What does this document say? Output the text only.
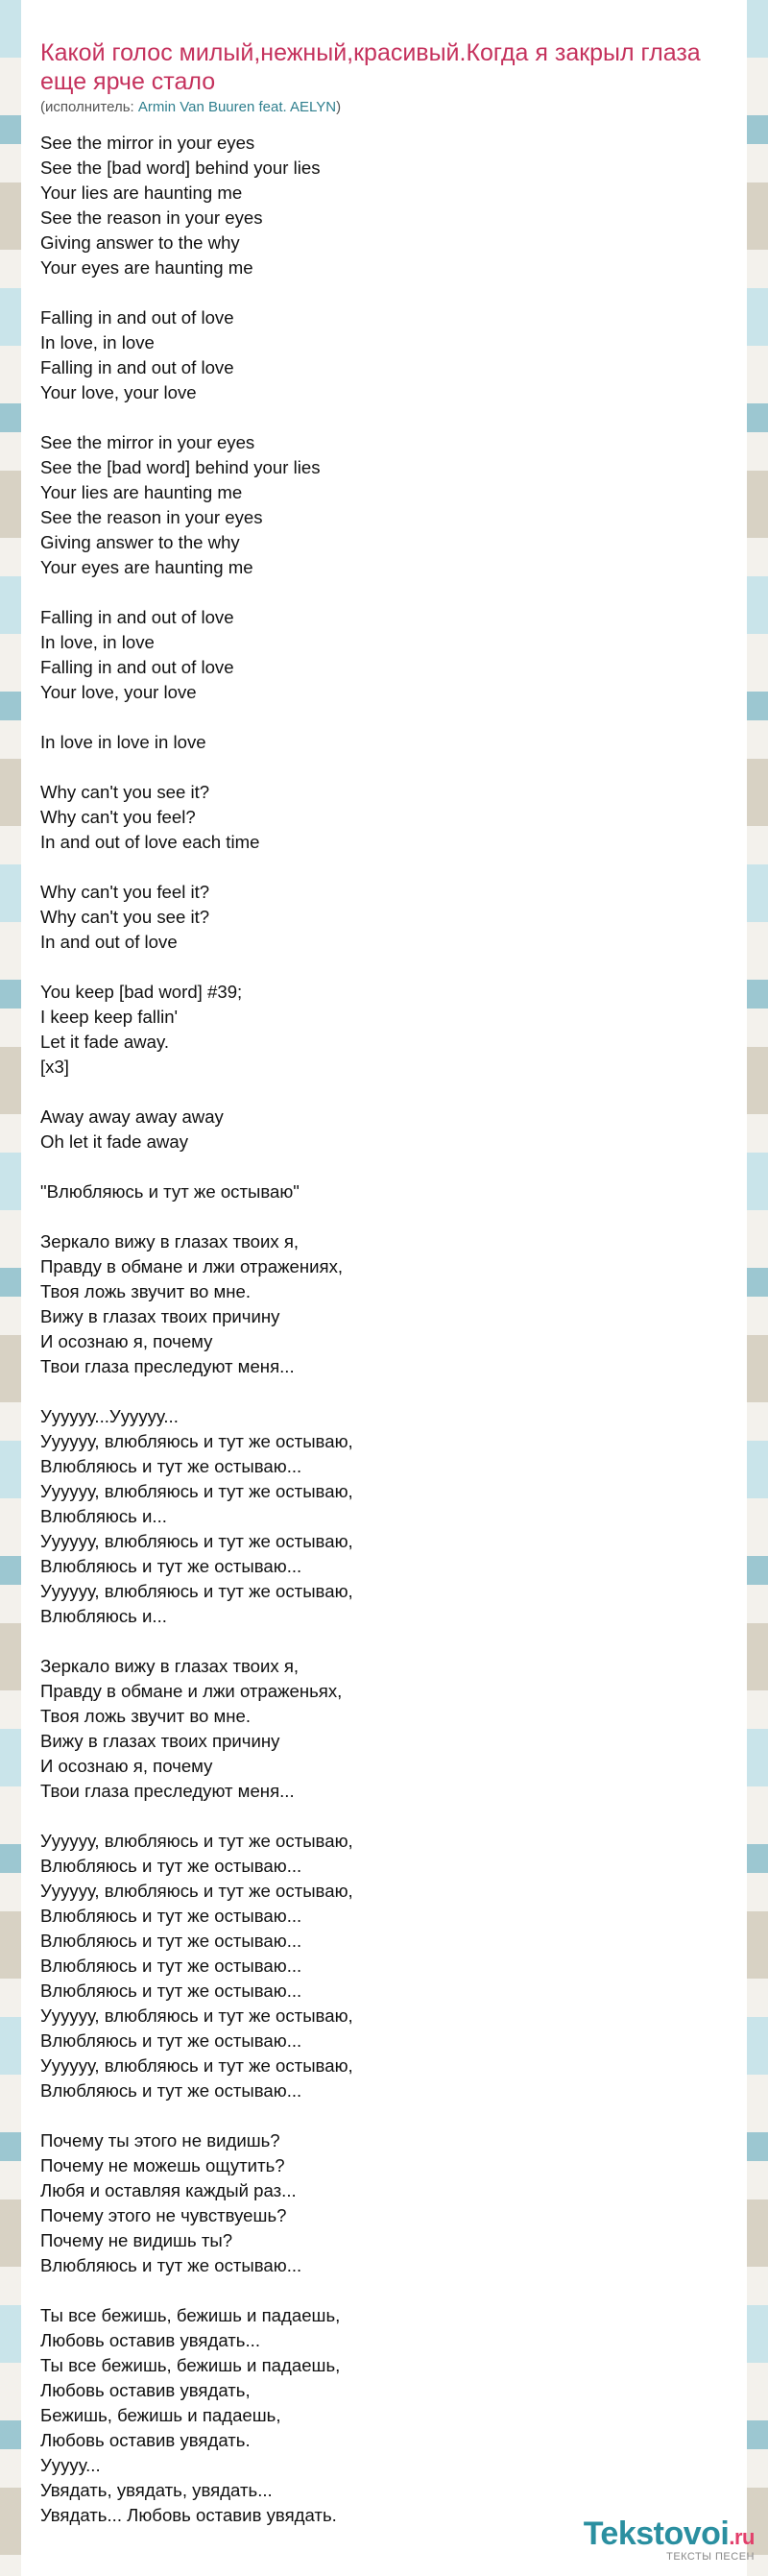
Какой голос милый,нежный,красивый.Когда я закрыл глаза еще ярче стало
(исполнитель: Armin Van Buuren feat. AELYN)
See the mirror in your eyes
See the [bad word] behind your lies
Your lies are haunting me
See the reason in your eyes
Giving answer to the why
Your eyes are haunting me
Falling in and out of love
In love, in love
Falling in and out of love
Your love, your love
See the mirror in your eyes
See the [bad word] behind your lies
Your lies are haunting me
See the reason in your eyes
Giving answer to the why
Your eyes are haunting me
Falling in and out of love
In love, in love
Falling in and out of love
Your love, your love
In love in love in love
Why can't you see it?
Why can't you feel?
In and out of love each time
Why can't you feel it?
Why can't you see it?
In and out of love
You keep [bad word] #39;
I keep keep fallin'
Let it fade away.
[x3]
Away away away away
Oh let it fade away
"Влюбляюсь и тут же остываю"
Зеркало вижу в глазах твоих я,
Правду в обмане и лжи отражениях,
Твоя ложь звучит во мне.
Вижу в глазах твоих причину
И осознаю я, почему
Твои глаза преследуют меня...
Уууууу...Уууууу...
Уууууу, влюбляюсь и тут же остываю,
Влюбляюсь и тут же остываю...
Уууууу, влюбляюсь и тут же остываю,
Влюбляюсь и...
Уууууу, влюбляюсь и тут же остываю,
Влюбляюсь и тут же остываю...
Уууууу, влюбляюсь и тут же остываю,
Влюбляюсь и...
Зеркало вижу в глазах твоих я,
Правду в обмане и лжи отраженьях,
Твоя ложь звучит во мне.
Вижу в глазах твоих причину
И осознаю я, почему
Твои глаза преследуют меня...
Уууууу, влюбляюсь и тут же остываю,
Влюбляюсь и тут же остываю...
Уууууу, влюбляюсь и тут же остываю,
Влюбляюсь и тут же остываю...
Влюбляюсь и тут же остываю...
Влюбляюсь и тут же остываю...
Влюбляюсь и тут же остываю...
Уууууу, влюбляюсь и тут же остываю,
Влюбляюсь и тут же остываю...
Уууууу, влюбляюсь и тут же остываю,
Влюбляюсь и тут же остываю...
Почему ты этого не видишь?
Почему не можешь ощутить?
Любя и оставляя каждый раз...
Почему этого не чувствуешь?
Почему не видишь ты?
Влюбляюсь и тут же остываю...
Ты все бежишь, бежишь и падаешь,
Любовь оставив увядать...
Ты все бежишь, бежишь и падаешь,
Любовь оставив увядать,
Бежишь, бежишь и падаешь,
Любовь оставив увядать.
Ууууу...
Увядать, увядать, увядать...
Увядать... Любовь оставив увядать.
Tekstovoi.ru
ТЕКСТЫ ПЕСЕН
